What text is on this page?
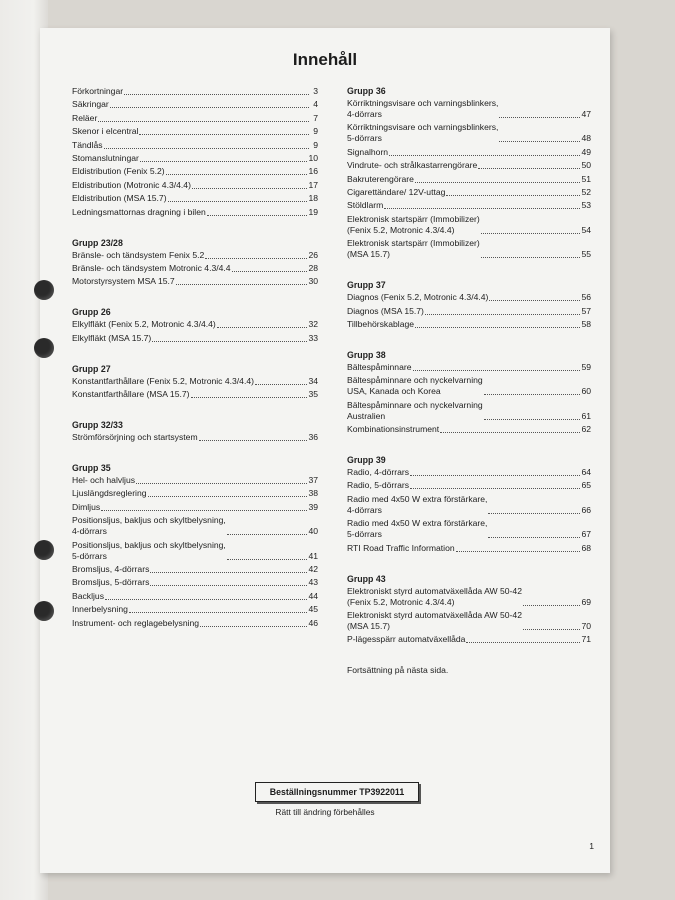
Innehåll
Förkortningar	3
Säkringar	4
Reläer	7
Skenor i elcentral	9
Tändlås	9
Stomanslutningar	10
Eldistribution (Fenix 5.2)	16
Eldistribution (Motronic 4.3/4.4)	17
Eldistribution (MSA 15.7)	18
Ledningsmattornas dragning i bilen	19
Grupp 23/28
Bränsle- och tändsystem Fenix 5.2	26
Bränsle- och tändsystem Motronic 4.3/4.4	28
Motorstyrsystem MSA 15.7	30
Grupp 26
Elkylfläkt (Fenix 5.2, Motronic 4.3/4.4)	32
Elkylfläkt (MSA 15.7)	33
Grupp 27
Konstantfarthållare (Fenix 5.2, Motronic 4.3/4.4)	34
Konstantfarthållare (MSA 15.7)	35
Grupp 32/33
Strömförsörjning och startsystem	36
Grupp 35
Hel- och halvljus	37
Ljuslängdsreglering	38
Dimljus	39
Positionsljus, bakljus och skyltbelysning,
4-dörrars	40
Positionsljus, bakljus och skyltbelysning,
5-dörrars	41
Bromsljus, 4-dörrars	42
Bromsljus, 5-dörrars	43
Backljus	44
Innerbelysning	45
Instrument- och reglagebelysning	46
Grupp 36
Körriktningsvisare och varningsblinkers,
4-dörrars	47
Körriktningsvisare och varningsblinkers,
5-dörrars	48
Signalhorn	49
Vindrute- och strålkastarrengörare	50
Bakruterengörare	51
Cigarettändare/ 12V-uttag	52
Stöldlarm	53
Elektronisk startspärr (Immobilizer)
(Fenix 5.2, Motronic 4.3/4.4)	54
Elektronisk startspärr (Immobilizer)
(MSA 15.7)	55
Grupp 37
Diagnos (Fenix 5.2, Motronic 4.3/4.4)	56
Diagnos (MSA 15.7)	57
Tillbehörskablage	58
Grupp 38
Bältespåminnare	59
Bältespåminnare och nyckelvarning
USA, Kanada och Korea	60
Bältespåminnare och nyckelvarning
Australien	61
Kombinationsinstrument	62
Grupp 39
Radio, 4-dörrars	64
Radio, 5-dörrars	65
Radio med 4x50 W extra förstärkare,
4-dörrars	66
Radio med 4x50 W extra förstärkare,
5-dörrars	67
RTI Road Traffic Information	68
Grupp 43
Elektroniskt styrd automatväxellåda AW 50-42
(Fenix 5.2, Motronic 4.3/4.4)	69
Elektroniskt styrd automatväxellåda AW 50-42
(MSA 15.7)	70
P-lägesspärr automatväxellåda	71
Fortsättning på nästa sida.
Beställningsnummer TP3922011
Rätt till ändring förbehålles
1
